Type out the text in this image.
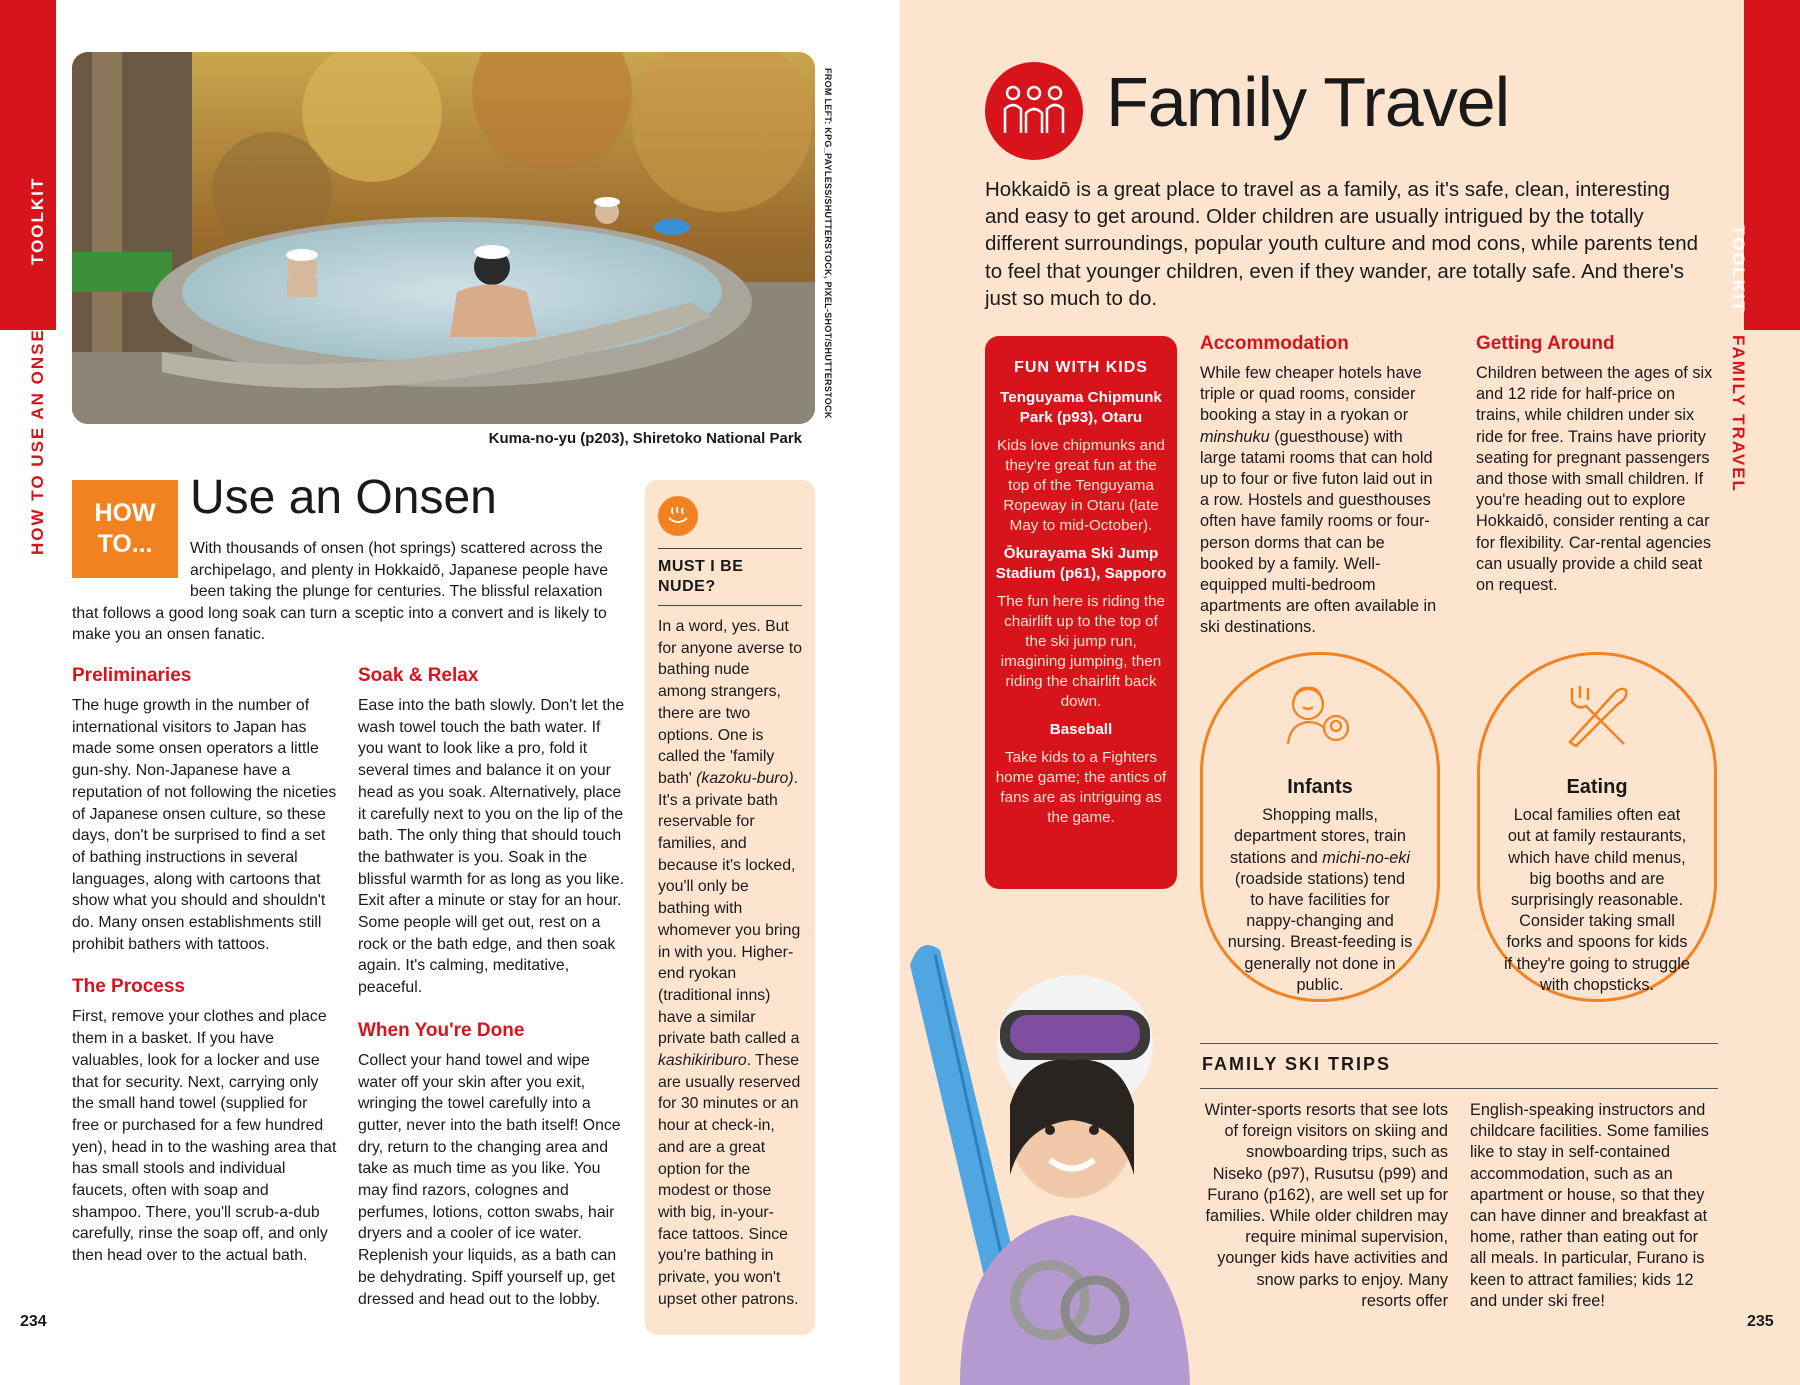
TOOLKIT
HOW TO USE AN ONSEN
FROM LEFT: KPG_PAYLESS/SHUTTERSTOCK, PIXEL-SHOT/SHUTTERSTOCK
Kuma-no-yu (p203), Shiretoko National Park
HOW
TO...
Use an Onsen
With thousands of onsen (hot springs) scattered across the archipelago, and plenty in Hokkaidō, Japanese people have been taking the plunge for centuries. The blissful relaxation that follows a good long soak can turn a sceptic into a convert and is likely to make you an onsen fanatic.
Preliminaries

The huge growth in the number of international visitors to Japan has made some onsen operators a little gun-shy. Non-Japanese have a reputation of not following the niceties of Japanese onsen culture, so these days, don't be surprised to find a set of bathing instructions in several languages, along with cartoons that show what you should and shouldn't do. Many onsen establishments still prohibit bathers with tattoos.

The Process

First, remove your clothes and place them in a basket. If you have valuables, look for a locker and use that for security. Next, carrying only the small hand towel (supplied for free or purchased for a few hundred yen), head in to the washing area that has small stools and individual faucets, often with soap and shampoo. There, you'll scrub-a-dub carefully, rinse the soap off, and only then head over to the actual bath.

Soak & Relax

Ease into the bath slowly. Don't let the wash towel touch the bath water. If you want to look like a pro, fold it several times and balance it on your head as you soak. Alternatively, place it carefully next to you on the lip of the bath. The only thing that should touch the bathwater is you. Soak in the blissful warmth for as long as you like. Exit after a minute or stay for an hour. Some people will get out, rest on a rock or the bath edge, and then soak again. It's calming, meditative, peaceful.

When You're Done

Collect your hand towel and wipe water off your skin after you exit, wringing the towel carefully into a gutter, never into the bath itself! Once dry, return to the changing area and take as much time as you like. You may find razors, colognes and perfumes, lotions, cotton swabs, hair dryers and a cooler of ice water. Replenish your liquids, as a bath can be dehydrating. Spiff yourself up, get dressed and head out to the lobby.

MUST I BE
NUDE?

In a word, yes. But for anyone averse to bathing nude among strangers, there are two options. One is called the 'family bath' (kazoku-buro). It's a private bath reservable for families, and because it's locked, you'll only be bathing with whomever you bring in with you. Higher-end ryokan (traditional inns) have a similar private bath called a kashikiriburo. These are usually reserved for 30 minutes or an hour at check-in, and are a great option for the modest or those with big, in-your-face tattoos. Since you're bathing in private, you won't upset other patrons.

234	235
TOOLKIT
FAMILY TRAVEL
Family Travel
Hokkaidō is a great place to travel as a family, as it's safe, clean, interesting and easy to get around. Older children are usually intrigued by the totally different surroundings, popular youth culture and mod cons, while parents tend to feel that younger children, even if they wander, are totally safe. And there's just so much to do.
FUN WITH KIDS
Tenguyama Chipmunk Park (p93), Otaru
Kids love chipmunks and they're great fun at the top of the Tenguyama Ropeway in Otaru (late May to mid-October).
Ōkurayama Ski Jump Stadium (p61), Sapporo
The fun here is riding the chairlift up to the top of the ski jump run, imagining jumping, then riding the chairlift back down.
Baseball
Take kids to a Fighters home game; the antics of fans are as intriguing as the game.
Accommodation

While few cheaper hotels have triple or quad rooms, consider booking a stay in a ryokan or minshuku (guesthouse) with large tatami rooms that can hold up to four or five futon laid out in a row. Hostels and guesthouses often have family rooms or four-person dorms that can be booked by a family. Well-equipped multi-bedroom apartments are often available in ski destinations.

Getting Around

Children between the ages of six and 12 ride for half-price on trains, while children under six ride for free. Trains have priority seating for pregnant passengers and those with small children. If you're heading out to explore Hokkaidō, consider renting a car for flexibility. Car-rental agencies can usually provide a child seat on request.

Infants

Shopping malls, department stores, train stations and michi-no-eki (roadside stations) tend to have facilities for nappy-changing and nursing. Breast-feeding is generally not done in public.

Eating

Local families often eat out at family restaurants, which have child menus, big booths and are surprisingly reasonable. Consider taking small forks and spoons for kids if they're going to struggle with chopsticks.

FAMILY SKI TRIPS
Winter-sports resorts that see lots of foreign visitors on skiing and snowboarding trips, such as Niseko (p97), Rusutsu (p99) and Furano (p162), are well set up for families. While older children may require minimal supervision, younger kids have activities and snow parks to enjoy. Many resorts offer
English-speaking instructors and childcare facilities. Some families like to stay in self-contained accommodation, such as an apartment or house, so that they can have dinner and breakfast at home, rather than eating out for all meals. In particular, Furano is keen to attract families; kids 12 and under ski free!
